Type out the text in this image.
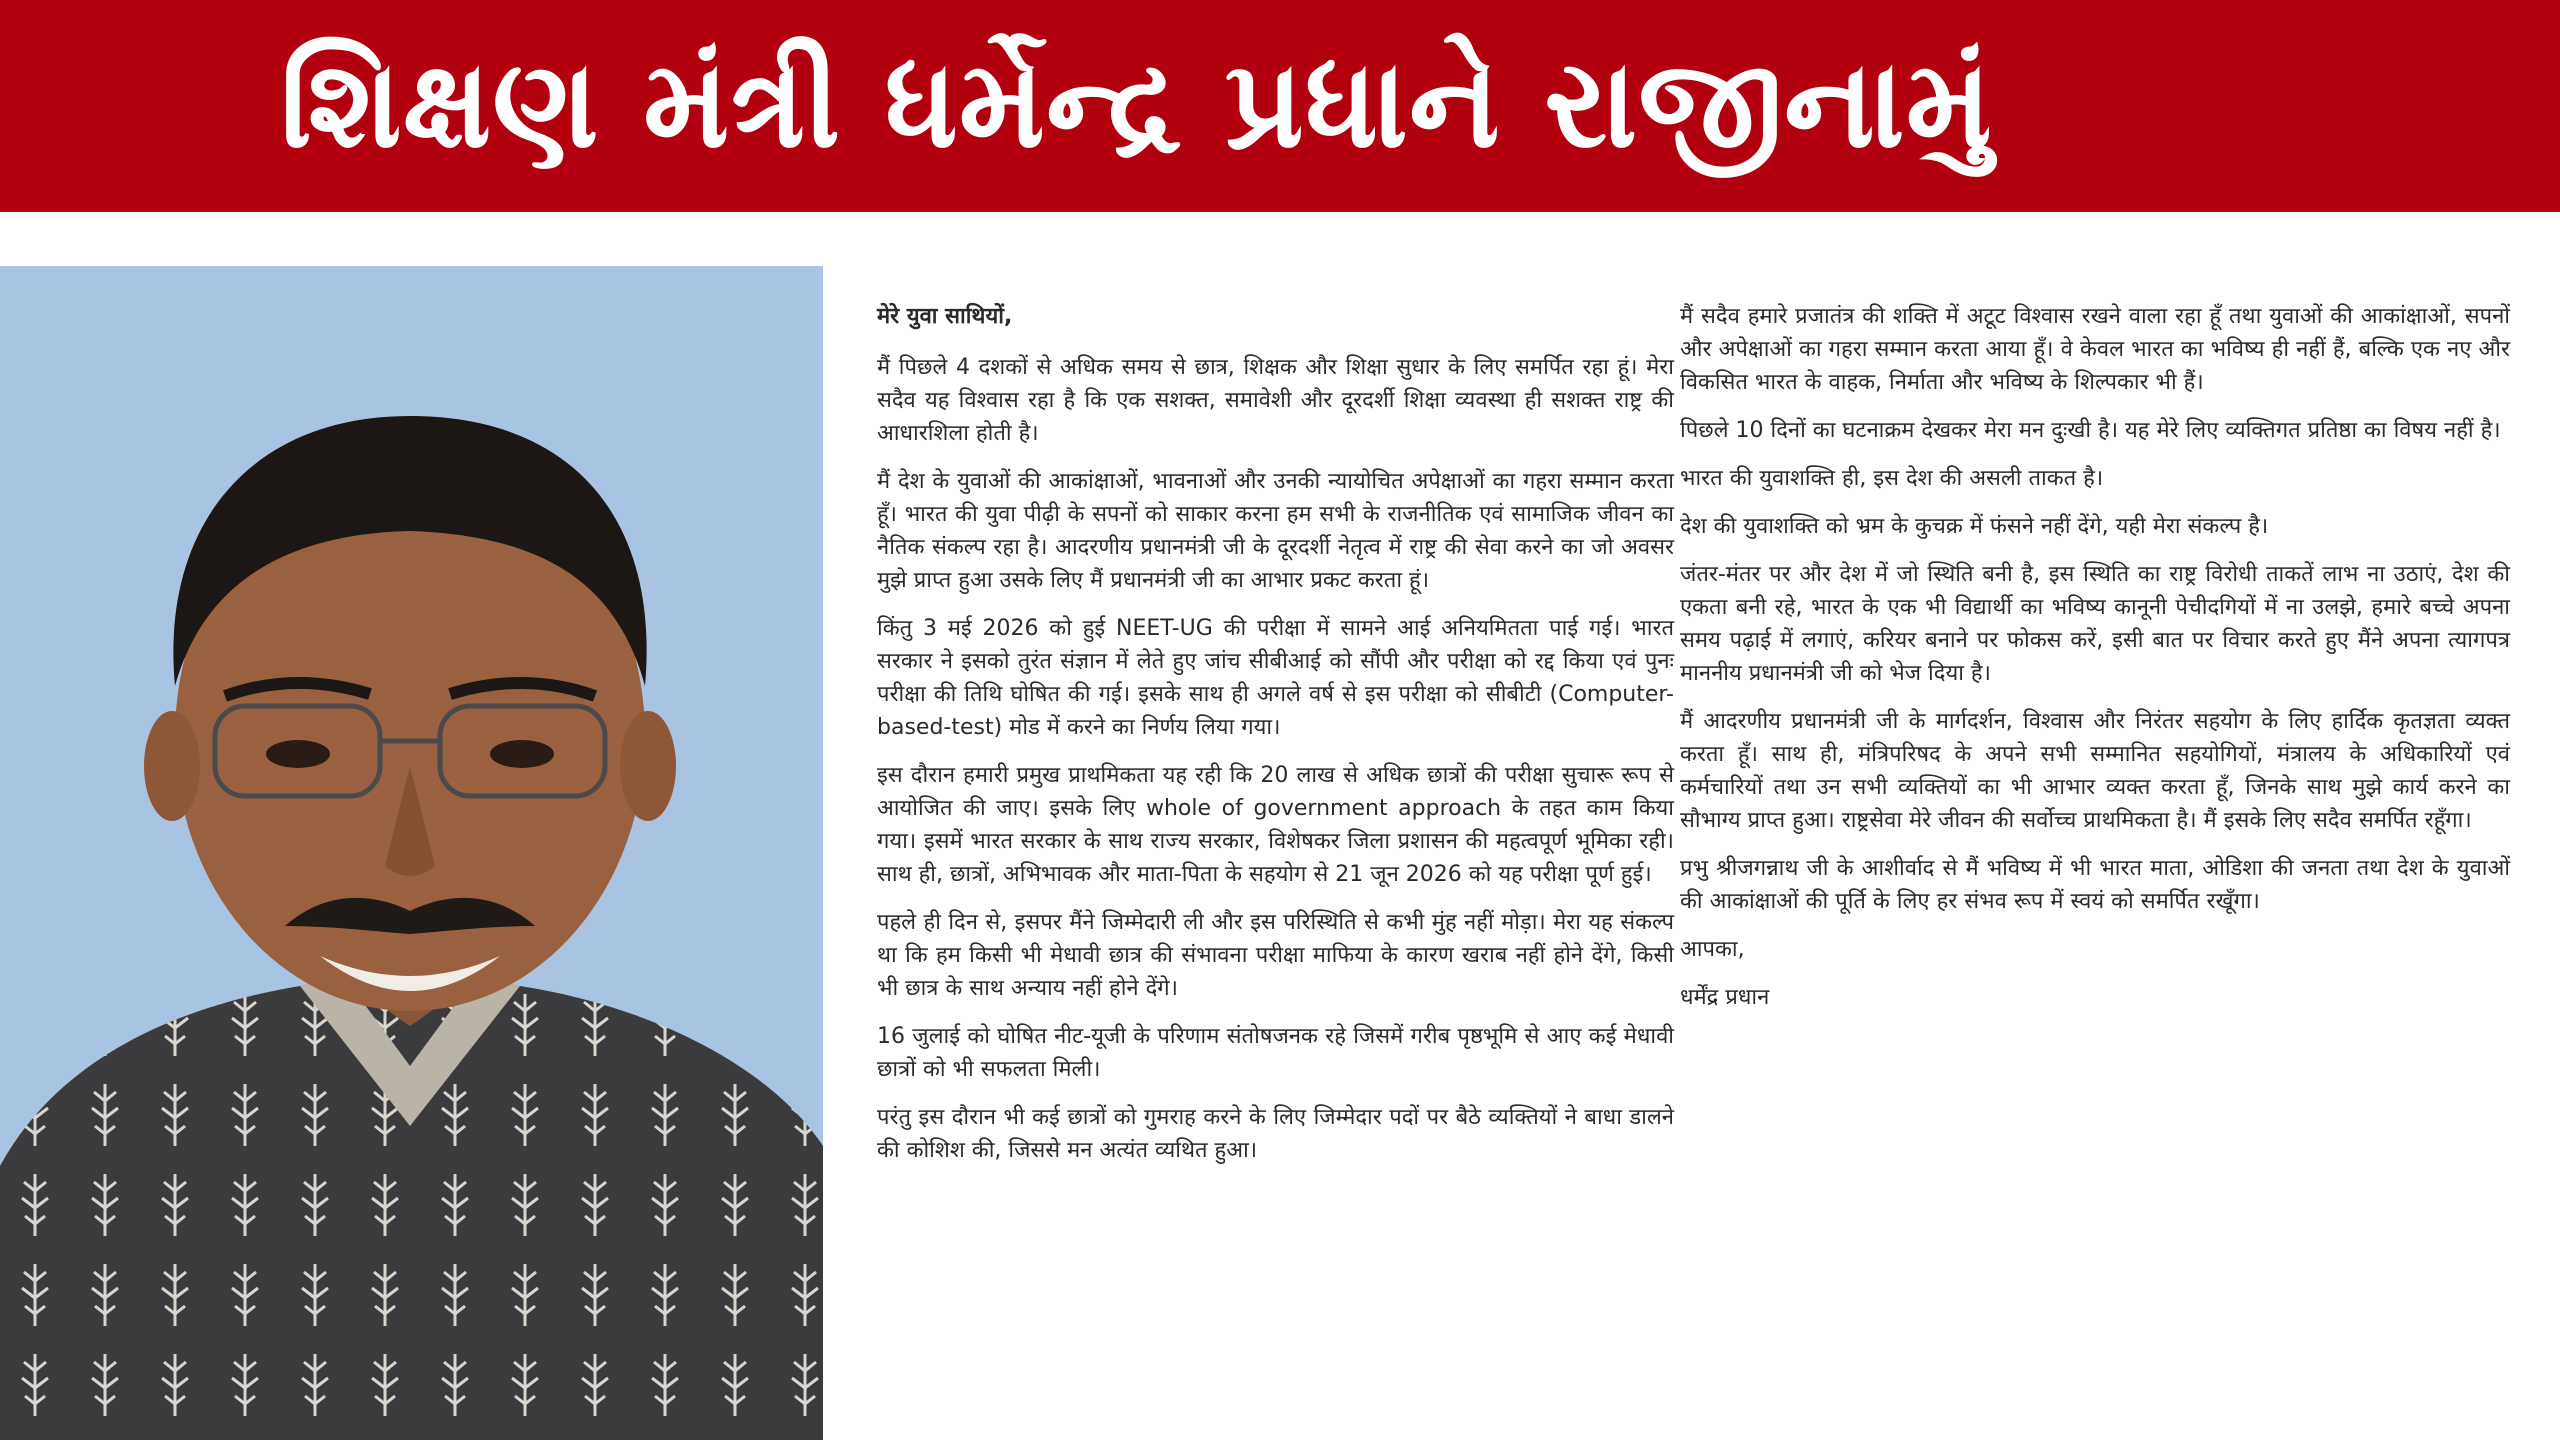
શિક્ષણ મંત્રી ધર્મેન્દ્ર પ્રધાને રાજીનામું

मेरे युवा साथियों,

मैं पिछले 4 दशकों से अधिक समय से छात्र, शिक्षक और शिक्षा सुधार के लिए समर्पित रहा हूं। मेरा सदैव यह विश्वास रहा है कि एक सशक्त, समावेशी और दूरदर्शी शिक्षा व्यवस्था ही सशक्त राष्ट्र की आधारशिला होती है।

मैं देश के युवाओं की आकांक्षाओं, भावनाओं और उनकी न्यायोचित अपेक्षाओं का गहरा सम्मान करता हूँ। भारत की युवा पीढ़ी के सपनों को साकार करना हम सभी के राजनीतिक एवं सामाजिक जीवन का नैतिक संकल्प रहा है। आदरणीय प्रधानमंत्री जी के दूरदर्शी नेतृत्व में राष्ट्र की सेवा करने का जो अवसर मुझे प्राप्त हुआ उसके लिए मैं प्रधानमंत्री जी का आभार प्रकट करता हूं।

किंतु 3 मई 2026 को हुई NEET-UG की परीक्षा में सामने आई अनियमितता पाई गई। भारत सरकार ने इसको तुरंत संज्ञान में लेते हुए जांच सीबीआई को सौंपी और परीक्षा को रद्द किया एवं पुनः परीक्षा की तिथि घोषित की गई। इसके साथ ही अगले वर्ष से इस परीक्षा को सीबीटी (Computer-based-test) मोड में करने का निर्णय लिया गया।

इस दौरान हमारी प्रमुख प्राथमिकता यह रही कि 20 लाख से अधिक छात्रों की परीक्षा सुचारू रूप से आयोजित की जाए। इसके लिए whole of government approach के तहत काम किया गया। इसमें भारत सरकार के साथ राज्य सरकार, विशेषकर जिला प्रशासन की महत्वपूर्ण भूमिका रही। साथ ही, छात्रों, अभिभावक और माता-पिता के सहयोग से 21 जून 2026 को यह परीक्षा पूर्ण हुई।

पहले ही दिन से, इसपर मैंने जिम्मेदारी ली और इस परिस्थिति से कभी मुंह नहीं मोड़ा। मेरा यह संकल्प था कि हम किसी भी मेधावी छात्र की संभावना परीक्षा माफिया के कारण खराब नहीं होने देंगे, किसी भी छात्र के साथ अन्याय नहीं होने देंगे।

16 जुलाई को घोषित नीट-यूजी के परिणाम संतोषजनक रहे जिसमें गरीब पृष्ठभूमि से आए कई मेधावी छात्रों को भी सफलता मिली।

परंतु इस दौरान भी कई छात्रों को गुमराह करने के लिए जिम्मेदार पदों पर बैठे व्यक्तियों ने बाधा डालने की कोशिश की, जिससे मन अत्यंत व्यथित हुआ।

मैं सदैव हमारे प्रजातंत्र की शक्ति में अटूट विश्वास रखने वाला रहा हूँ तथा युवाओं की आकांक्षाओं, सपनों और अपेक्षाओं का गहरा सम्मान करता आया हूँ। वे केवल भारत का भविष्य ही नहीं हैं, बल्कि एक नए और विकसित भारत के वाहक, निर्माता और भविष्य के शिल्पकार भी हैं।

पिछले 10 दिनों का घटनाक्रम देखकर मेरा मन दुःखी है। यह मेरे लिए व्यक्तिगत प्रतिष्ठा का विषय नहीं है।

भारत की युवाशक्ति ही, इस देश की असली ताकत है।

देश की युवाशक्ति को भ्रम के कुचक्र में फंसने नहीं देंगे, यही मेरा संकल्प है।

जंतर-मंतर पर और देश में जो स्थिति बनी है, इस स्थिति का राष्ट्र विरोधी ताकतें लाभ ना उठाएं, देश की एकता बनी रहे, भारत के एक भी विद्यार्थी का भविष्य कानूनी पेचीदगियों में ना उलझे, हमारे बच्चे अपना समय पढ़ाई में लगाएं, करियर बनाने पर फोकस करें, इसी बात पर विचार करते हुए मैंने अपना त्यागपत्र माननीय प्रधानमंत्री जी को भेज दिया है।

मैं आदरणीय प्रधानमंत्री जी के मार्गदर्शन, विश्वास और निरंतर सहयोग के लिए हार्दिक कृतज्ञता व्यक्त करता हूँ। साथ ही, मंत्रिपरिषद के अपने सभी सम्मानित सहयोगियों, मंत्रालय के अधिकारियों एवं कर्मचारियों तथा उन सभी व्यक्तियों का भी आभार व्यक्त करता हूँ, जिनके साथ मुझे कार्य करने का सौभाग्य प्राप्त हुआ। राष्ट्रसेवा मेरे जीवन की सर्वोच्च प्राथमिकता है। मैं इसके लिए सदैव समर्पित रहूँगा।

प्रभु श्रीजगन्नाथ जी के आशीर्वाद से मैं भविष्य में भी भारत माता, ओडिशा की जनता तथा देश के युवाओं की आकांक्षाओं की पूर्ति के लिए हर संभव रूप में स्वयं को समर्पित रखूँगा।

आपका,

धर्मेंद्र प्रधान
